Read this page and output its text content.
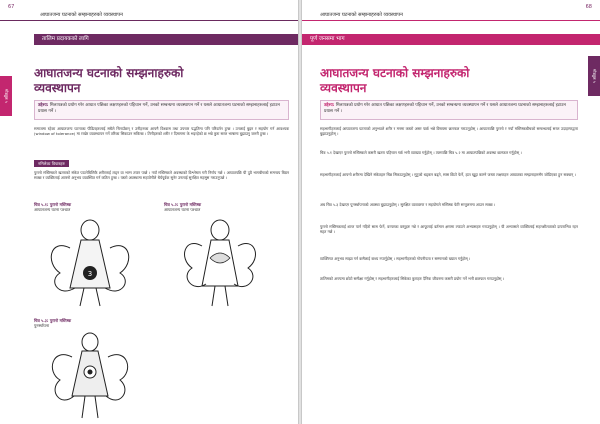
67
आघातजन्य घटनाको सम्झनाहरुको व्यवस्थापन
तालिम प्रदायकको लागि
मोड्युल ५
आघातजन्य घटनाको सम्झनाहरुको
व्यवस्थापन
उद्देश्य: मिलापत्रको प्रयोग गरेर आघात पछिका लक्षणहरुको पहिचान गर्ने, उनको सम्बन्धमा व्यवस्थापन गर्ने र यसले आघातजन्य घटनाको सम्झनाहरुलाई हटाउन प्रयास गर्ने ।
समाजमा रहेका आघातजन्य घटनाका पीडितहरुलाई सबैले चिनाउँछन् र उनीहरुका आफ्नै विश्वास तथा उपचार पद्धतिमा पनि परिवर्तन हुन्छ । उनलाई बुझ्न र सहयोग गर्न आवश्यक (window of tolerance) मा राखेर व्यवस्थापन गर्ने तरिका सिकाउन सकिन्छ । तिनीहरुको शरीर र दिमागमा के भइरहेको छ भन्ने कुरा सरल भाषामा बुझाउनु जरुरी हुन्छ ।
नमिलेका विचारहरु
पुरानो मस्तिष्कले खतराको संकेत पाउनेबित्तिकै शरीरलाई लड्न वा भाग्न तयार पार्छ । नयाँ मस्तिष्कले अवस्थाको विश्लेषण गरी निर्णय गर्छ । आघातपछि यी दुवै भागबीचको समन्वय बिग्रन सक्छ र व्यक्तिलाई आफ्नो अनुभव व्यवस्थित गर्न कठिन हुन्छ । यस्तो अवस्थामा सहयोगीले धैर्यपूर्वक सुनेर उनलाई सुरक्षित महसुस गराउनुपर्छ ।
चित्र ५.१: पुरानो मस्तिष्क
आघातजन्य घटना पश्चात
3
चित्र ५.२: पुरानो मस्तिष्क
आघातजन्य घटना पश्चात
चित्र ५.३: पुरानो मस्तिष्क
पुनर्स्थापना
68
आघातजन्य घटनाको सम्झनाहरुको व्यवस्थापन
पूर्ण जनसमा भाग
मोड्युल ५
आघातजन्य घटनाको सम्झनाहरुको
व्यवस्थापन
उद्देश्य: मिलापत्रको प्रयोग गरेर आघात पछिका लक्षणहरुको पहिचान गर्ने, उनको सम्बन्धमा व्यवस्थापन गर्ने र यसले आघातजन्य घटनाको सम्झनाहरुलाई हटाउन प्रयास गर्ने ।
सहभागीहरुलाई आघातजन्य घटनाको अनुभवले शरीर र मनमा कस्तो असर पार्छ भन्ने विषयमा छलफल गराउनुहोस् । आघातपछि पुरानो र नयाँ मस्तिष्कबीचको सम्बन्धलाई सरल उदाहरणद्वारा बुझाउनुहोस् ।
चित्र ५.१ देखाएर पुरानो मस्तिष्कले कसरी खतरा पहिचान गर्छ भनी व्याख्या गर्नुहोस् । त्यसपछि चित्र ५.२ मा आघातपछिको अवस्था छलफल गर्नुहोस् ।
सहभागीहरुलाई आफ्नो शरीरमा देखिने संकेतहरु चिन्न सिकाउनुहोस् । मुटुको धड्कन बढ्ने, सास छिटो फेर्ने, हात खुट्टा काम्ने जस्ता लक्षणहरु आघातका सम्झनाहरुसँग जोडिएका हुन सक्छन् ।
अब चित्र ५.३ देखाएर पुनर्स्थापनाको अवस्था बुझाउनुहोस् । सुरक्षित वातावरण र सहयोगले मस्तिष्क फेरि सन्तुलनमा आउन सक्छ ।
पुरानो मस्तिष्कलाई शान्त पार्न गहिरो सास फेर्ने, वरपरका वस्तुहरु गन्ने र आफूलाई वर्तमान क्षणमा ल्याउने अभ्यासहरु गराउनुहोस् । यी अभ्यासले व्यक्तिलाई सहनशीलताको दायराभित्र रहन मद्दत गर्छ ।
व्यक्तिगत अनुभव साझा गर्न कसैलाई बाध्य नपार्नुहोस् । सहभागीहरुको गोपनीयता र सम्मानको ख्याल गर्नुहोस् ।
तालिमको अन्त्यमा छोटो समीक्षा गर्नुहोस् र सहभागीहरुलाई सिकेका कुराहरु दैनिक जीवनमा कसरी प्रयोग गर्ने भनी छलफल गराउनुहोस् ।
